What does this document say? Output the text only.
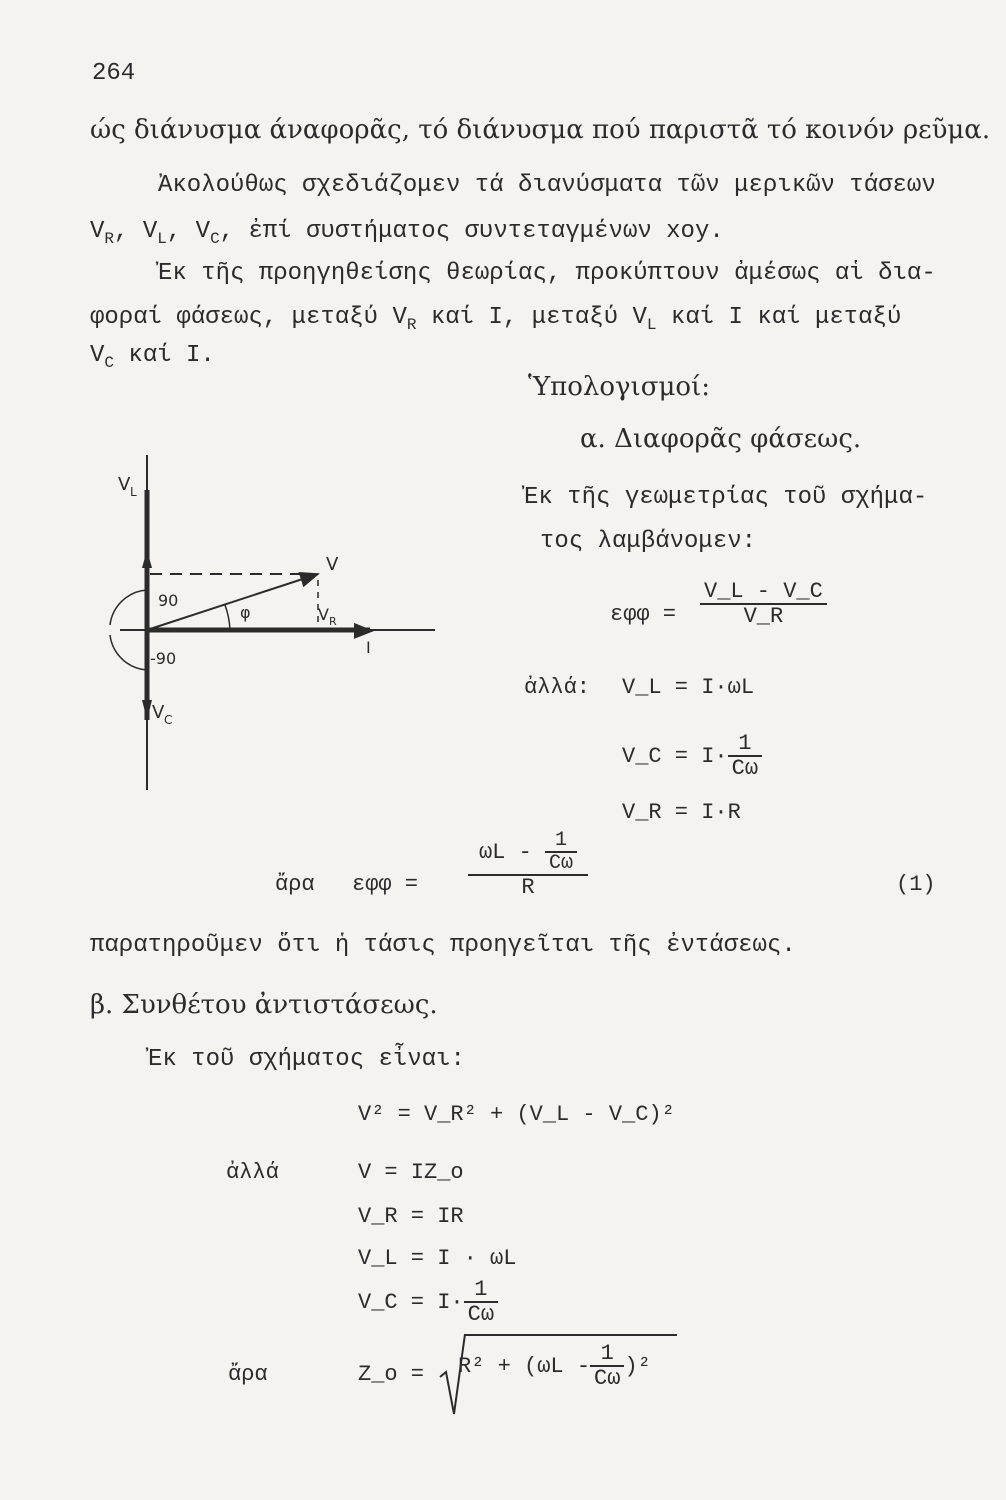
264
ώς διάνυσμα άναφορᾶς, τό διάνυσμα πού παριστᾶ τό κοινόν ρεῦμα.
Ἀκολούθως σχεδιάζομεν τά διανύσματα τῶν μερικῶν τάσεων
$V_R$, $V_L$, $V_C$, ἐπί συστήματος συντεταγμένων xoy.
Ἐκ τῆς προηγηθείσης θεωρίας, προκύπτουν ἀμέσως αἱ δια-
φοραί φάσεως, μεταξύ $V_R$ καί I, μεταξύ $V_L$ καί I καί μεταξύ
$V_C$ καί I.
Ὑπολογισμοί:
α. Διαφορᾶς φάσεως.
Ἐκ τῆς γεωμετρίας τοῦ σχήμα-
τος λαμβάνομεν:
V L
V
V R
φ
90
-90
I
V C
$\varepsilon\varphi\varphi = \frac{V\_L - V\_C}{V\_R}$
ἀλλά: V_L = I·ωL
V_C = $I\cdot \frac{1}{C\omega}$
V_R = I·R
ἄρα $\varepsilon\varphi\varphi = \frac{\omega L - \frac{1}{C\omega}}{R}$	(1)
παρατηροῦμεν ὅτι ἡ τάσις προηγεῖται τῆς ἐντάσεως.
β. Συνθέτου ἀντιστάσεως.
Ἐκ τοῦ σχήματος εἶναι:
V² = V_R² + (V_L - V_C)²
ἀλλά	V = IZ_o
V_R = IR
V_L = I · ωL
V_C = $I\cdot \frac{1}{C\omega}$
ἄρα	Z_o = $R^2 + (\omega L - \frac{1}{C\omega} )^2$
